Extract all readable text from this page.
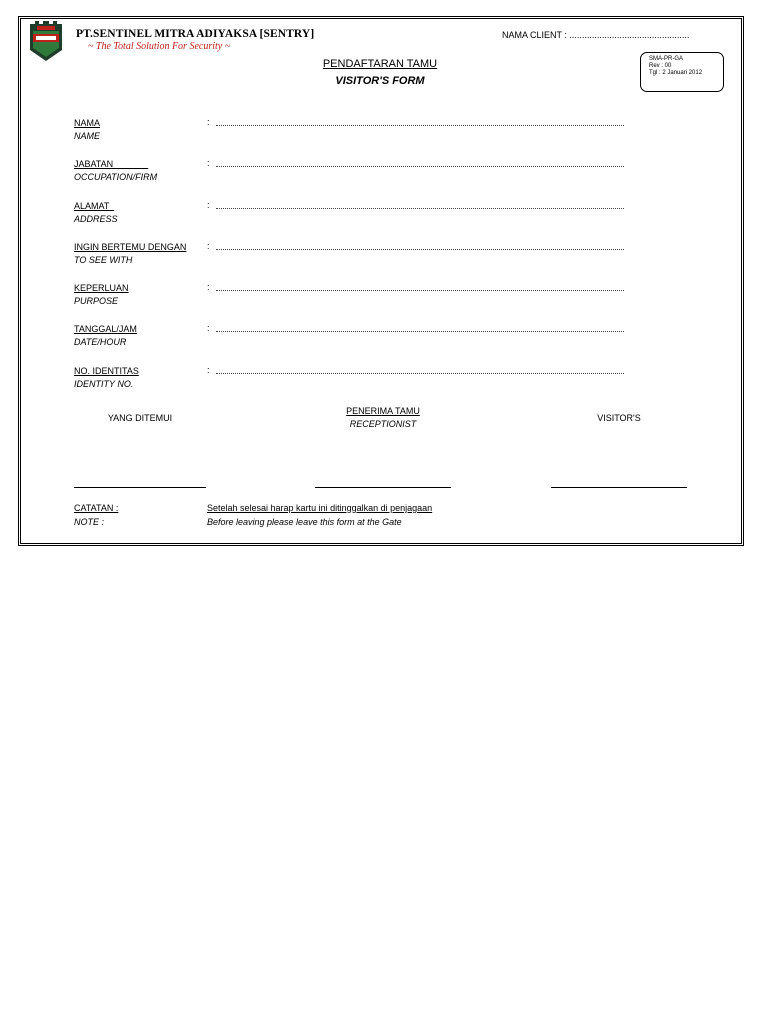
PT.SENTINEL MITRA ADIYAKSA [SENTRY]
~ The Total Solution For Security ~
NAMA CLIENT : ................................................
PENDAFTARAN TAMU
VISITOR'S FORM
SMA-PR-GA
Rev : 00
Tgl : 2 Januari 2012
NAMA
NAME
:
JABATAN
OCCUPATION/FIRM
:
ALAMAT
ADDRESS
:
INGIN BERTEMU DENGAN
TO SEE WITH
:
KEPERLUAN
PURPOSE
:
TANGGAL/JAM
DATE/HOUR
:
NO. IDENTITAS
IDENTITY NO.
:
YANG DITEMUI
PENERIMA TAMU
RECEPTIONIST
VISITOR'S
CATATAN :
NOTE :
Setelah selesai harap kartu ini ditinggalkan di penjagaan
Before leaving please leave this form at the Gate
